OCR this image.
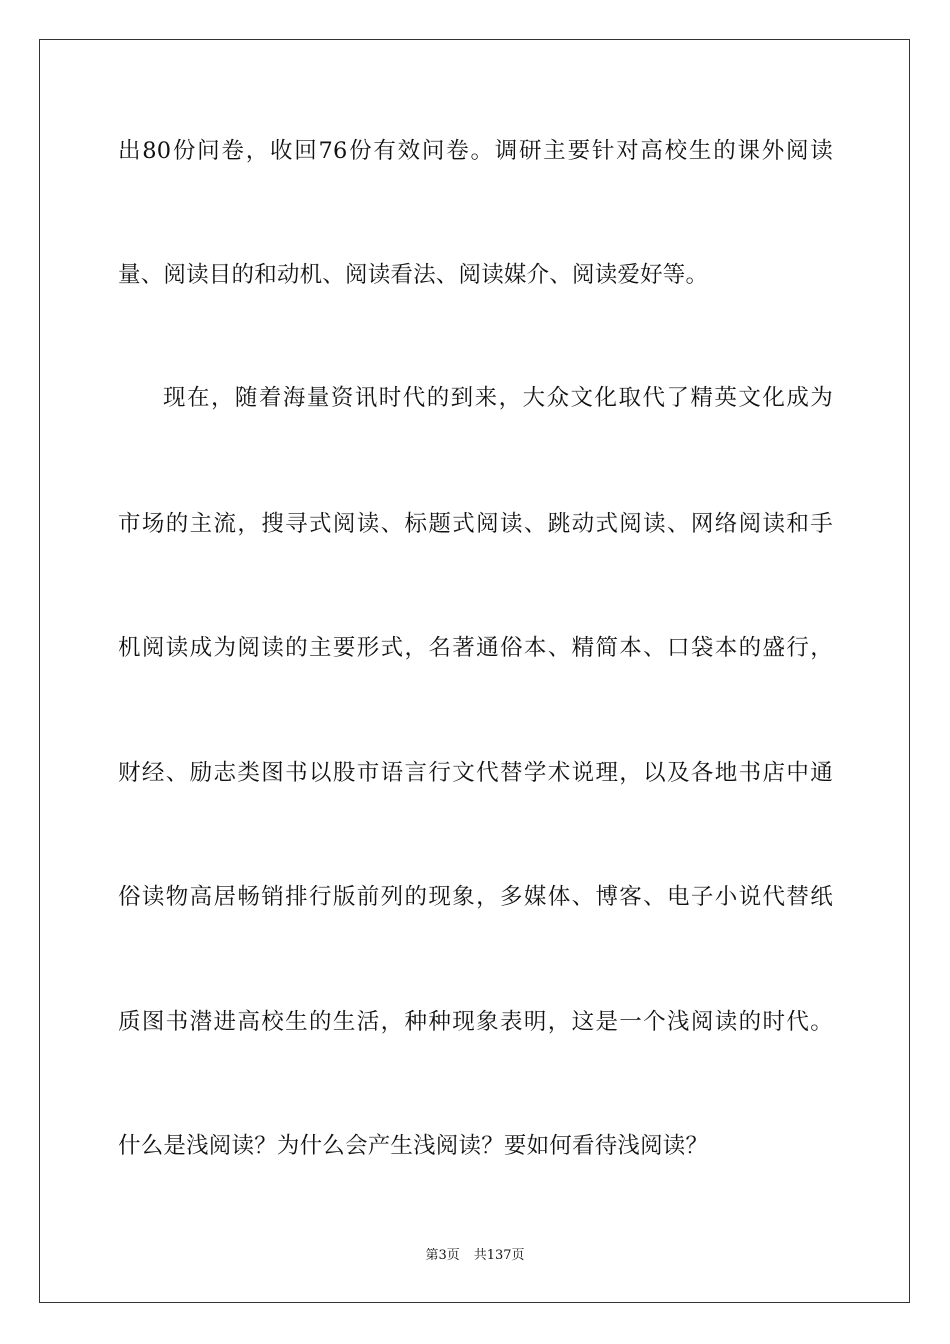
出80份问卷，收回76份有效问卷。调研主要针对高校生的课外阅读
量、阅读目的和动机、阅读看法、阅读媒介、阅读爱好等。
现在，随着海量资讯时代的到来，大众文化取代了精英文化成为
市场的主流，搜寻式阅读、标题式阅读、跳动式阅读、网络阅读和手
机阅读成为阅读的主要形式，名著通俗本、精简本、口袋本的盛行，
财经、励志类图书以股市语言行文代替学术说理，以及各地书店中通
俗读物高居畅销排行版前列的现象，多媒体、博客、电子小说代替纸
质图书潜进高校生的生活，种种现象表明，这是一个浅阅读的时代。
什么是浅阅读？为什么会产生浅阅读？要如何看待浅阅读？
第3页 共137页
